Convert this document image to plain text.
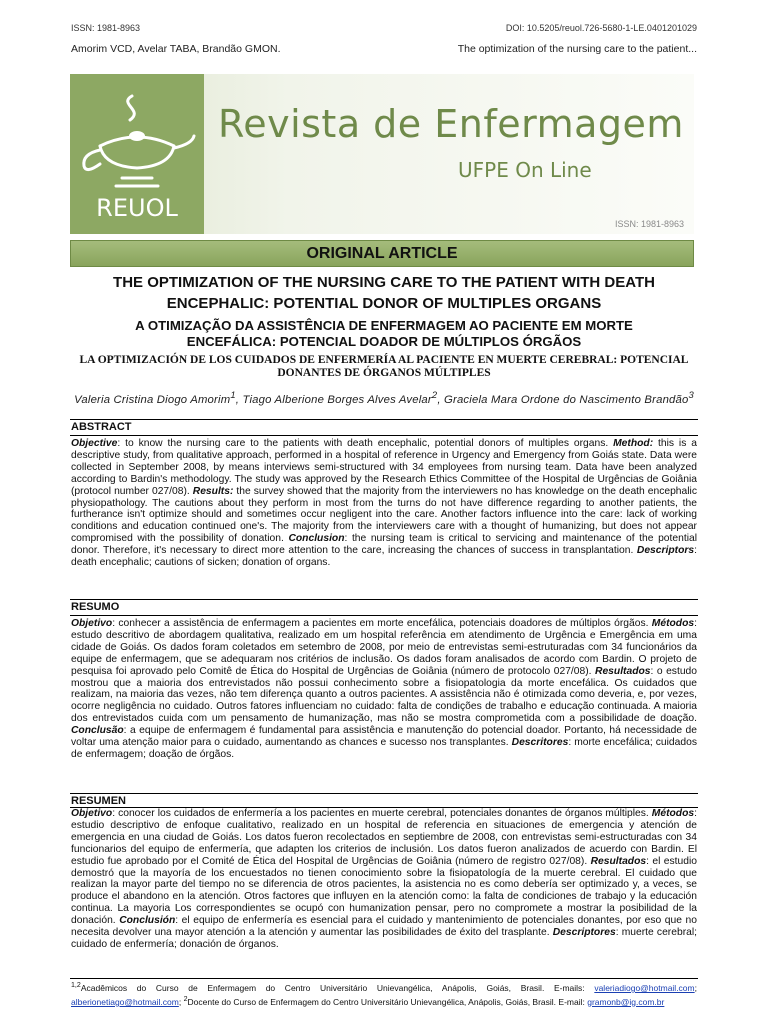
ISSN: 1981-8963	DOI: 10.5205/reuol.726-5680-1-LE.0401201029
Amorim VCD, Avelar TABA, Brandão GMON.	The optimization of the nursing care to the patient...
REUOL
Revista de Enfermagem
UFPE On Line
ISSN: 1981-8963
ORIGINAL ARTICLE
THE OPTIMIZATION OF THE NURSING CARE TO THE PATIENT WITH DEATH ENCEPHALIC: POTENTIAL DONOR OF MULTIPLES ORGANS
A OTIMIZAÇÃO DA ASSISTÊNCIA DE ENFERMAGEM AO PACIENTE EM MORTE ENCEFÁLICA: POTENCIAL DOADOR DE MÚLTIPLOS ÓRGÃOS
LA OPTIMIZACIÓN DE LOS CUIDADOS DE ENFERMERÍA AL PACIENTE EN MUERTE CEREBRAL: POTENCIAL DONANTES DE ÓRGANOS MÚLTIPLES
Valeria Cristina Diogo Amorim$^1$, Tiago Alberione Borges Alves Avelar$^2$, Graciela Mara Ordone do Nascimento Brandão$^3$
ABSTRACT
Objective: to know the nursing care to the patients with death encephalic, potential donors of multiples organs. Method: this is a descriptive study, from qualitative approach, performed in a hospital of reference in Urgency and Emergency from Goiás state. Data were collected in September 2008, by means interviews semi-structured with 34 employees from nursing team. Data have been analyzed according to Bardin's methodology. The study was approved by the Research Ethics Committee of the Hospital de Urgências de Goiânia (protocol number 027/08). Results: the survey showed that the majority from the interviewers no has knowledge on the death encephalic physiopathology. The cautions about they perform in most from the turns do not have difference regarding to another patients, the furtherance isn't optimize should and sometimes occur negligent into the care. Another factors influence into the care: lack of working conditions and education continued one's. The majority from the interviewers care with a thought of humanizing, but does not appear compromised with the possibility of donation. Conclusion: the nursing team is critical to servicing and maintenance of the potential donor. Therefore, it's necessary to direct more attention to the care, increasing the chances of success in transplantation. Descriptors: death encephalic; cautions of sicken; donation of organs.
RESUMO
Objetivo: conhecer a assistência de enfermagem a pacientes em morte encefálica, potenciais doadores de múltiplos órgãos. Métodos: estudo descritivo de abordagem qualitativa, realizado em um hospital referência em atendimento de Urgência e Emergência em uma cidade de Goiás. Os dados foram coletados em setembro de 2008, por meio de entrevistas semi-estruturadas com 34 funcionários da equipe de enfermagem, que se adequaram nos critérios de inclusão. Os dados foram analisados de acordo com Bardin. O projeto de pesquisa foi aprovado pelo Comitê de Ética do Hospital de Urgências de Goiânia (número de protocolo 027/08). Resultados: o estudo mostrou que a maioria dos entrevistados não possui conhecimento sobre a fisiopatologia da morte encefálica. Os cuidados que realizam, na maioria das vezes, não tem diferença quanto a outros pacientes. A assistência não é otimizada como deveria, e, por vezes, ocorre negligência no cuidado. Outros fatores influenciam no cuidado: falta de condições de trabalho e educação continuada. A maioria dos entrevistados cuida com um pensamento de humanização, mas não se mostra comprometida com a possibilidade de doação. Conclusão: a equipe de enfermagem é fundamental para assistência e manutenção do potencial doador. Portanto, há necessidade de voltar uma atenção maior para o cuidado, aumentando as chances e sucesso nos transplantes. Descritores: morte encefálica; cuidados de enfermagem; doação de órgãos.
RESUMEN
Objetivo: conocer los cuidados de enfermería a los pacientes en muerte cerebral, potenciales donantes de órganos múltiples. Métodos: estudio descriptivo de enfoque cualitativo, realizado en un hospital de referencia en situaciones de emergencia y atención de emergencia en una ciudad de Goiás. Los datos fueron recolectados en septiembre de 2008, con entrevistas semi-estructuradas con 34 funcionarios del equipo de enfermería, que adapten los criterios de inclusión. Los datos fueron analizados de acuerdo con Bardin. El estudio fue aprobado por el Comité de Ética del Hospital de Urgências de Goiânia (número de registro 027/08). Resultados: el estudio demostró que la mayoría de los encuestados no tienen conocimiento sobre la fisiopatología de la muerte cerebral. El cuidado que realizan la mayor parte del tiempo no se diferencia de otros pacientes, la asistencia no es como debería ser optimizado y, a veces, se produce el abandono en la atención. Otros factores que influyen en la atención como: la falta de condiciones de trabajo y la educación continua. La mayoria Los correspondientes se ocupó con humanization pensar, pero no compromete a mostrar la posibilidad de la donación. Conclusión: el equipo de enfermería es esencial para el cuidado y mantenimiento de potenciales donantes, por eso que no necesita devolver una mayor atención a la atención y aumentar las posibilidades de éxito del trasplante. Descriptores: muerte cerebral; cuidado de enfermería; donación de órganos.
$^{1,2}$Acadêmicos do Curso de Enfermagem do Centro Universitário Unievangélica, Anápolis, Goiás, Brasil. E-mails: valeriadiogo@hotmail.com; alberionetiago@hotmail.com; $^2$Docente do Curso de Enfermagem do Centro Universitário Unievangélica, Anápolis, Goiás, Brasil. E-mail: gramonb@ig.com.br
